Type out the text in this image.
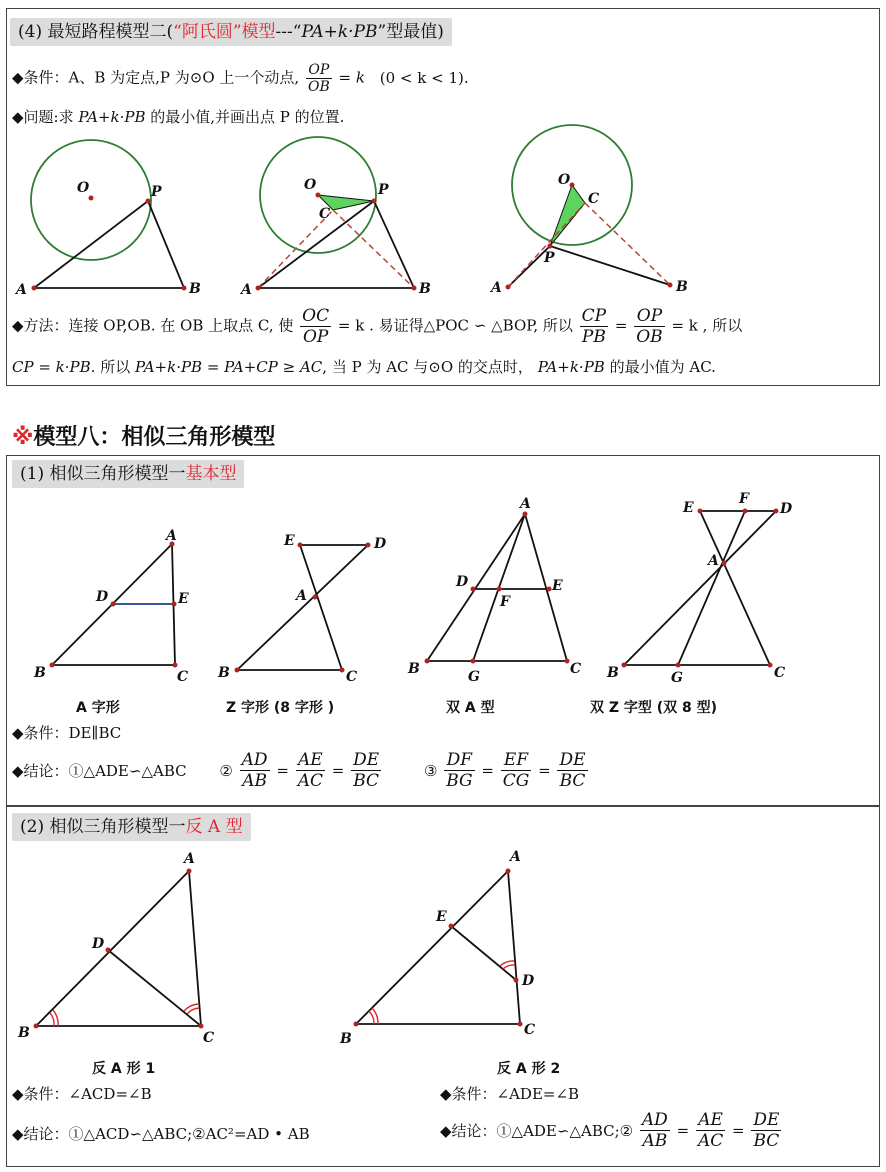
(4) 最短路程模型二(“阿氏圆”模型---“PA+k·PB”型最值)
◆条件：A、B 为定点,P 为⊙O 上一个动点, $\frac{OP}{OB} = k$ (0 < k < 1).
◆问题:求 PA+k·PB 的最小值,并画出点 P 的位置.
◆方法：连接 OP,OB. 在 OB 上取点 C, 使 $\frac{OC}{OP} = k$ . 易证得△POC ∽ △BOP, 所以 $\frac{CP}{PB} = \frac{OP}{OB} = k$ , 所以
CP = k·PB. 所以 PA+k·PB = PA+CP ≥ AC, 当 P 为 AC 与⊙O 的交点时， PA+k·PB 的最小值为 AC.
※模型八：相似三角形模型
(1) 相似三角形模型一基本型
A 字形	Z 字形 (8 字形 )	双 A 型	双 Z 字型 (双 8 型)
◆条件：DE∥BC
◆结论：①△ADE∽△ABC ② $\frac{AD}{AB} = \frac{AE}{AC} = \frac{DE}{BC}$	③ $\frac{DF}{BG} = \frac{EF}{CG} = \frac{DE}{BC}$
(2) 相似三角形模型一反 A 型
反 A 形 1	反 A 形 2
◆条件：∠ACD=∠B	◆条件：∠ADE=∠B
◆结论：①△ACD∽△ABC;②AC²=AD • AB	◆结论：①△ADE∽△ABC;② $\frac{AD}{AB} = \frac{AE}{AC} = \frac{DE}{BC}$
O	P
A	B
O	P
C
A	B
O
C
P
A	B
A
D	E
B	C
E	D
A
B	C
A
D	E
F
B	G	C
E
F
D
A
B	G	C
A
D
B	C
A
E
D
B
C
